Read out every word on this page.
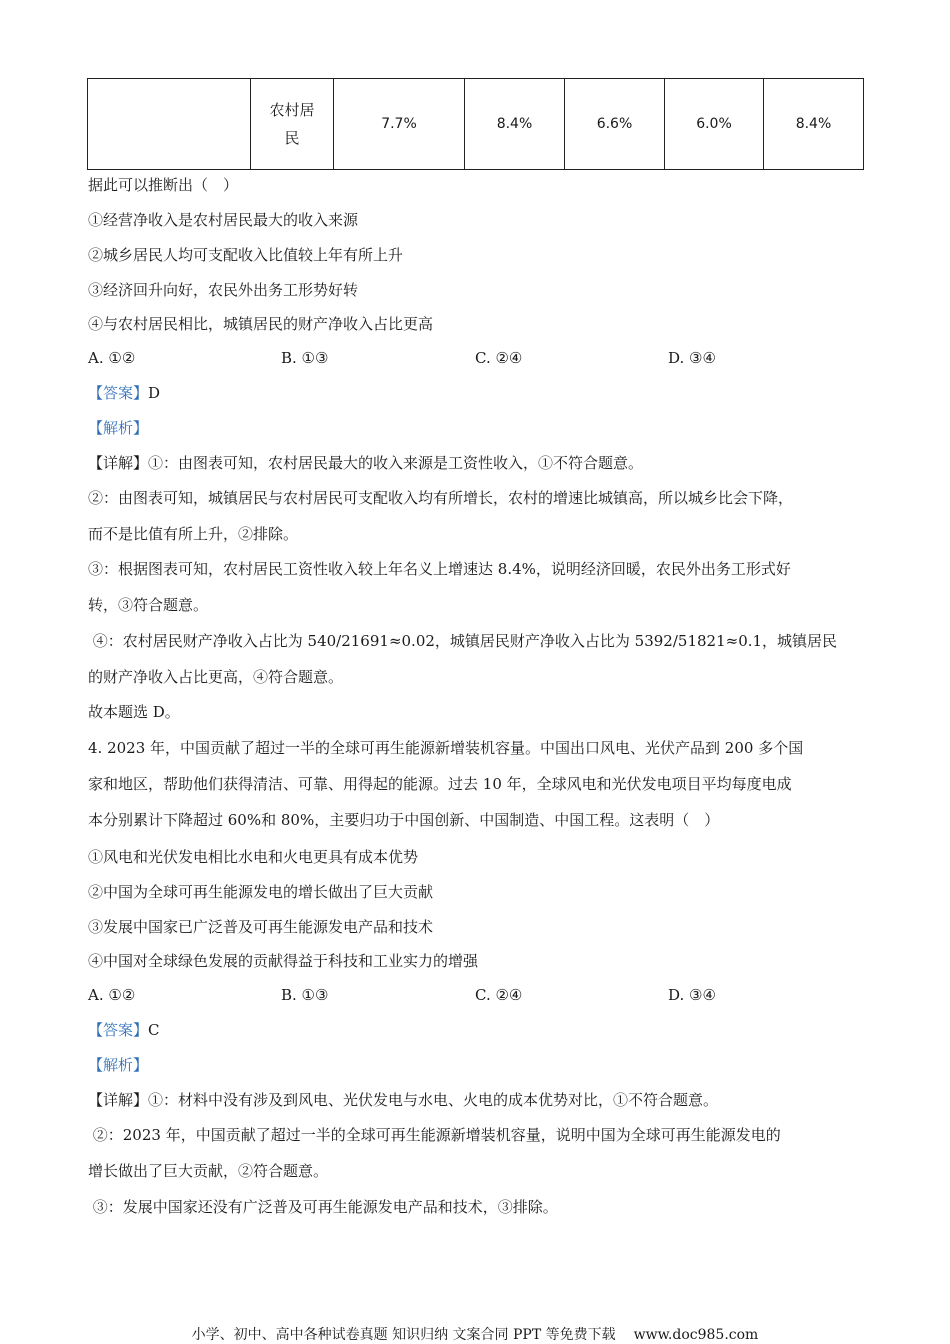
	农村居民	7.7%	8.4%	6.6%	6.0%	8.4%
据此可以推断出（　）
①经营净收入是农村居民最大的收入来源
②城乡居民人均可支配收入比值较上年有所上升
③经济回升向好，农民外出务工形势好转
④与农村居民相比，城镇居民的财产净收入占比更高
A. ①②	B. ①③	C. ②④	D. ③④
【答案】D
【解析】
【详解】①：由图表可知，农村居民最大的收入来源是工资性收入，①不符合题意。
②：由图表可知，城镇居民与农村居民可支配收入均有所增长，农村的增速比城镇高，所以城乡比会下降，
而不是比值有所上升，②排除。
③：根据图表可知，农村居民工资性收入较上年名义上增速达 8.4%，说明经济回暖，农民外出务工形式好
转，③符合题意。
④：农村居民财产净收入占比为 540/21691≈0.02，城镇居民财产净收入占比为 5392/51821≈0.1，城镇居民
的财产净收入占比更高，④符合题意。
故本题选 D。
4. 2023 年，中国贡献了超过一半的全球可再生能源新增装机容量。中国出口风电、光伏产品到 200 多个国
家和地区，帮助他们获得清洁、可靠、用得起的能源。过去 10 年，全球风电和光伏发电项目平均每度电成
本分别累计下降超过 60%和 80%，主要归功于中国创新、中国制造、中国工程。这表明（　）
①风电和光伏发电相比水电和火电更具有成本优势
②中国为全球可再生能源发电的增长做出了巨大贡献
③发展中国家已广泛普及可再生能源发电产品和技术
④中国对全球绿色发展的贡献得益于科技和工业实力的增强
A. ①②	B. ①③	C. ②④	D. ③④
【答案】C
【解析】
【详解】①：材料中没有涉及到风电、光伏发电与水电、火电的成本优势对比，①不符合题意。
②：2023 年，中国贡献了超过一半的全球可再生能源新增装机容量，说明中国为全球可再生能源发电的
增长做出了巨大贡献，②符合题意。
③：发展中国家还没有广泛普及可再生能源发电产品和技术，③排除。
小学、初中、高中各种试卷真题 知识归纳 文案合同 PPT 等免费下载 www.doc985.com
